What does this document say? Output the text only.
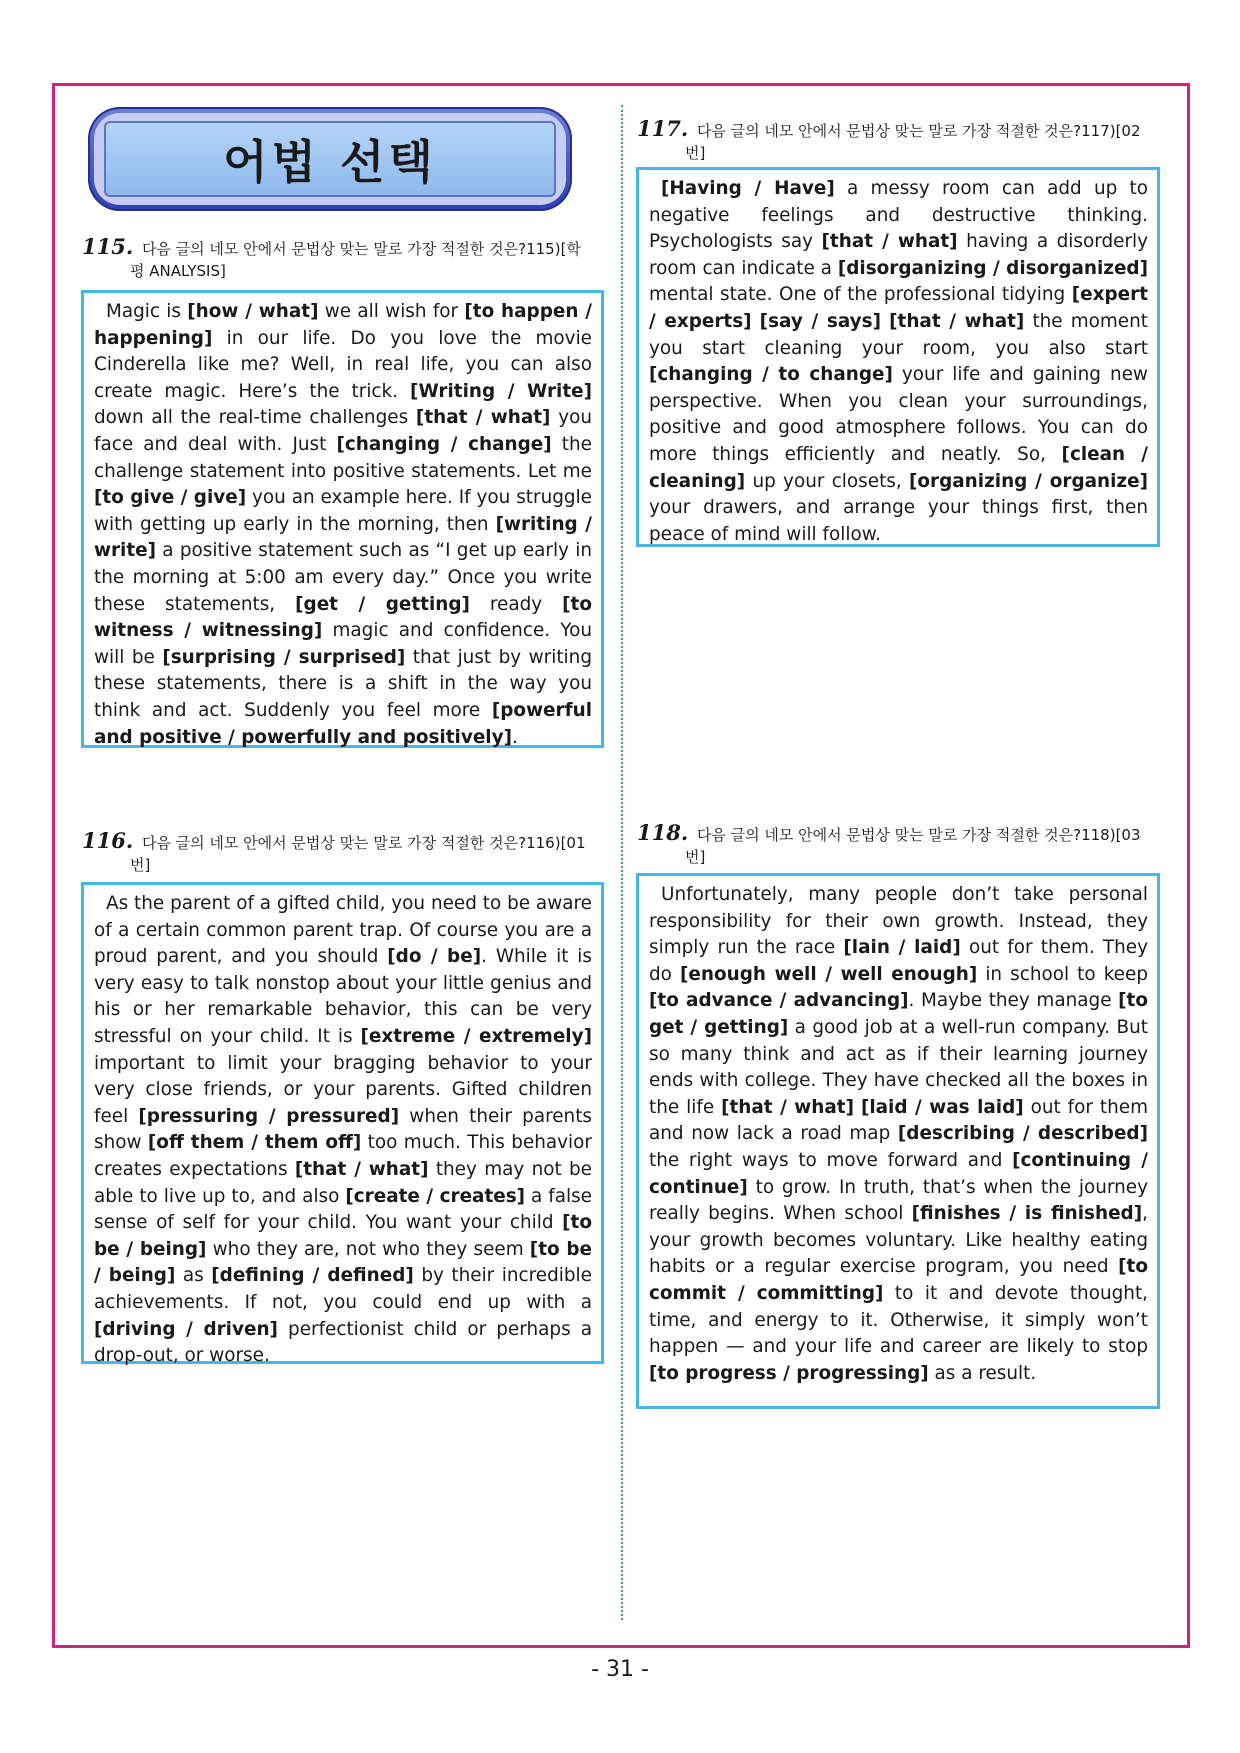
어법 선택
115. 다음 글의 네모 안에서 문법상 맞는 말로 가장 적절한 것은?115)[학
평 ANALYSIS]

Magic is [how / what] we all wish for [to happen / happening] in our life. Do you love the movie Cinderella like me? Well, in real life, you can also create magic. Here’s the trick. [Writing / Write] down all the real-time challenges [that / what] you face and deal with. Just [changing / change] the challenge statement into positive statements. Let me [to give / give] you an example here. If you struggle with getting up early in the morning, then [writing / write] a positive statement such as “I get up early in the morning at 5:00 am every day.” Once you write these statements, [get / getting] ready [to witness / witnessing] magic and confidence. You will be [surprising / surprised] that just by writing these statements, there is a shift in the way you think and act. Suddenly you feel more [powerful and positive / powerfully and positively].

116. 다음 글의 네모 안에서 문법상 맞는 말로 가장 적절한 것은?116)[01
번]

As the parent of a gifted child, you need to be aware of a certain common parent trap. Of course you are a proud parent, and you should [do / be]. While it is very easy to talk nonstop about your little genius and his or her remarkable behavior, this can be very stressful on your child. It is [extreme / extremely] important to limit your bragging behavior to your very close friends, or your parents. Gifted children feel [pressuring / pressured] when their parents show [off them / them off] too much. This behavior creates expectations [that / what] they may not be able to live up to, and also [create / creates] a false sense of self for your child. You want your child [to be / being] who they are, not who they seem [to be / being] as [defining / defined] by their incredible achievements. If not, you could end up with a [driving / driven] perfectionist child or perhaps a drop-out, or worse.

117. 다음 글의 네모 안에서 문법상 맞는 말로 가장 적절한 것은?117)[02
번]

[Having / Have] a messy room can add up to negative feelings and destructive thinking. Psychologists say [that / what] having a disorderly room can indicate a [disorganizing / disorganized] mental state. One of the professional tidying [expert / experts] [say / says] [that / what] the moment you start cleaning your room, you also start [changing / to change] your life and gaining new perspective. When you clean your surroundings, positive and good atmosphere follows. You can do more things efficiently and neatly. So, [clean / cleaning] up your closets, [organizing / organize] your drawers, and arrange your things first, then peace of mind will follow.

118. 다음 글의 네모 안에서 문법상 맞는 말로 가장 적절한 것은?118)[03
번]

Unfortunately, many people don’t take personal responsibility for their own growth. Instead, they simply run the race [lain / laid] out for them. They do [enough well / well enough] in school to keep [to advance / advancing]. Maybe they manage [to get / getting] a good job at a well-run company. But so many think and act as if their learning journey ends with college. They have checked all the boxes in the life [that / what] [laid / was laid] out for them and now lack a road map [describing / described] the right ways to move forward and [continuing / continue] to grow. In truth, that’s when the journey really begins. When school [finishes / is finished], your growth becomes voluntary. Like healthy eating habits or a regular exercise program, you need [to commit / committing] to it and devote thought, time, and energy to it. Otherwise, it simply won’t happen — and your life and career are likely to stop [to progress / progressing] as a result.

- 31 -
